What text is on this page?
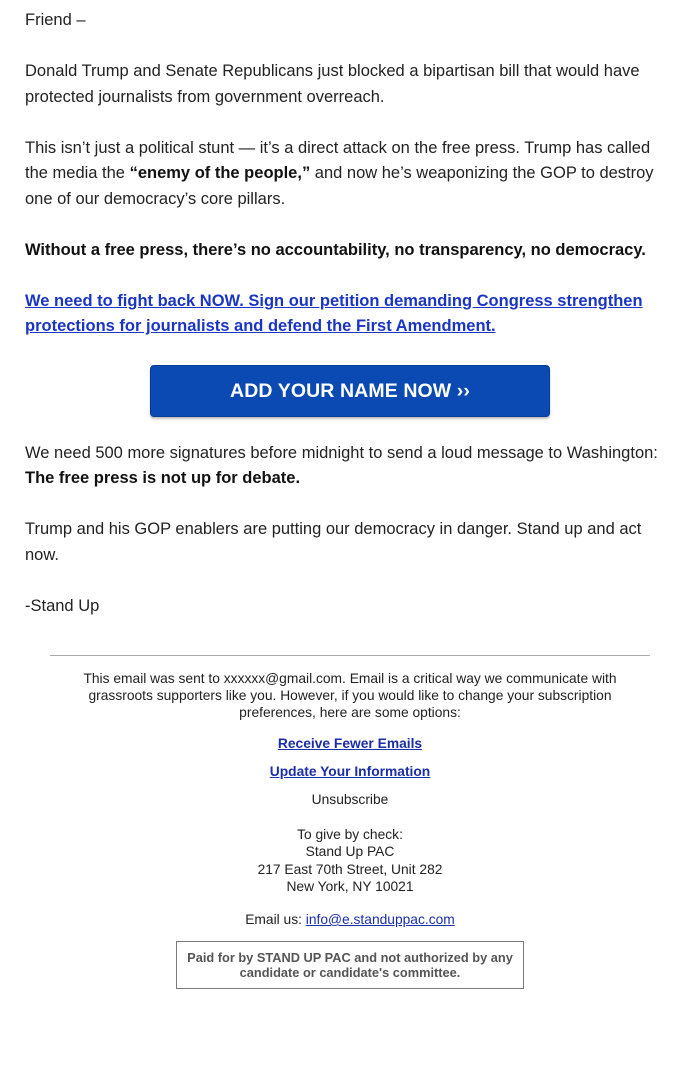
Friend –

Donald Trump and Senate Republicans just blocked a bipartisan bill that would have protected journalists from government overreach.

This isn’t just a political stunt — it’s a direct attack on the free press. Trump has called the media the “enemy of the people,” and now he’s weaponizing the GOP to destroy one of our democracy’s core pillars.

Without a free press, there’s no accountability, no transparency, no democracy.

We need to fight back NOW. Sign our petition demanding Congress strengthen protections for journalists and defend the First Amendment.

ADD YOUR NAME NOW ››

We need 500 more signatures before midnight to send a loud message to Washington: The free press is not up for debate.

Trump and his GOP enablers are putting our democracy in danger. Stand up and act now.

-Stand Up

This email was sent to xxxxxx@gmail.com. Email is a critical way we communicate with grassroots supporters like you. However, if you would like to change your subscription preferences, here are some options:

Receive Fewer Emails

Update Your Information

Unsubscribe

To give by check:

Stand Up PAC

217 East 70th Street, Unit 282

New York, NY 10021

Email us: info@e.standuppac.com

Paid for by STAND UP PAC and not authorized by any candidate or candidate's committee.
